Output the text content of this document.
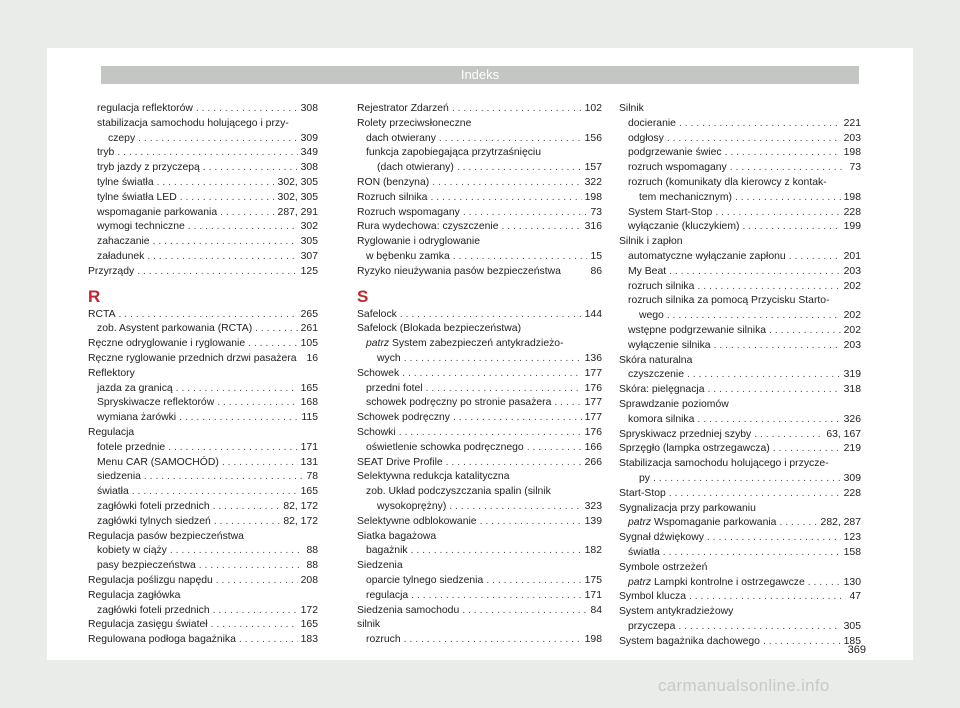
Indeks
regulacja reflektorów . . .	308
stabilizacja samochodu holującego i przy-
czepy . . .	309
tryb . . .	349
tryb jazdy z przyczepą . . .	308
tylne światła . . .	302, 305
tylne światła LED . . .	302, 305
wspomaganie parkowania . . .	287, 291
wymogi techniczne . . .	302
zahaczanie . . .	305
załadunek . . .	307
Przyrządy . . .	125
R
RCTA . . .	265
zob. Asystent parkowania (RCTA) . . .	261
Ręczne odryglowanie i ryglowanie . . .	105
Ręczne ryglowanie przednich drzwi pasażera 16
Reflektory
jazda za granicą . . .	165
Spryskiwacze reflektorów . . .	168
wymiana żarówki . . .	115
Regulacja
fotele przednie . . .	171
Menu CAR (SAMOCHÓD) . . .	131
siedzenia . . .	78
światła . . .	165
zagłówki foteli przednich . . .	82, 172
zagłówki tylnych siedzeń . . .	82, 172
Regulacja pasów bezpieczeństwa
kobiety w ciąży . . .	88
pasy bezpieczeństwa . . .	88
Regulacja poślizgu napędu . . .	208
Regulacja zagłówka
zagłówki foteli przednich . . .	172
Regulacja zasięgu świateł . . .	165
Regulowana podłoga bagażnika . . .	183
Rejestrator Zdarzeń . . .	102
Rolety przeciwsłoneczne
dach otwierany . . .	156
funkcja zapobiegająca przytrzaśnięciu
(dach otwierany) . . .	157
RON (benzyna) . . .	322
Rozruch silnika . . .	198
Rozruch wspomagany . . .	73
Rura wydechowa: czyszczenie . . .	316
Ryglowanie i odryglowanie
w bębenku zamka . . .	15
Ryzyko nieużywania pasów bezpieczeństwa	86
S
Safelock . . .	144
Safelock (Blokada bezpieczeństwa)
patrz System zabezpieczeń antykradzieżo-
wych . . .	136
Schowek . . .	177
przedni fotel . . .	176
schowek podręczny po stronie pasażera . . .	177
Schowek podręczny . . .	177
Schowki . . .	176
oświetlenie schowka podręcznego . . .	166
SEAT Drive Profile . . .	266
Selektywna redukcja katalityczna
zob. Układ podczyszczania spalin (silnik
wysokoprężny) . . .	323
Selektywne odblokowanie . . .	139
Siatka bagażowa
bagażnik . . .	182
Siedzenia
oparcie tylnego siedzenia . . .	175
regulacja . . .	171
Siedzenia samochodu . . .	84
silnik
rozruch . . .	198
Silnik
docieranie . . .	221
odgłosy . . .	203
podgrzewanie świec . . .	198
rozruch wspomagany . . .	73
rozruch (komunikaty dla kierowcy z kontak-
tem mechanicznym) . . .	198
System Start-Stop . . .	228
wyłączanie (kluczykiem) . . .	199
Silnik i zapłon
automatyczne wyłączanie zapłonu . . .	201
My Beat . . .	203
rozruch silnika . . .	202
rozruch silnika za pomocą Przycisku Starto-
wego . . .	202
wstępne podgrzewanie silnika . . .	202
wyłączenie silnika . . .	203
Skóra naturalna
czyszczenie . . .	319
Skóra: pielęgnacja . . .	318
Sprawdzanie poziomów
komora silnika . . .	326
Spryskiwacz przedniej szyby . . .	63, 167
Sprzęgło (lampka ostrzegawcza) . . .	219
Stabilizacja samochodu holującego i przycze-
py . . .	309
Start-Stop . . .	228
Sygnalizacja przy parkowaniu
patrz Wspomaganie parkowania . . .	282, 287
Sygnał dźwiękowy . . .	123
światła . . .	158
Symbole ostrzeżeń
patrz Lampki kontrolne i ostrzegawcze . . .	130
Symbol klucza . . .	47
System antykradzieżowy
przyczepa . . .	305
System bagażnika dachowego . . .	185
369
carmanualsonline.info
